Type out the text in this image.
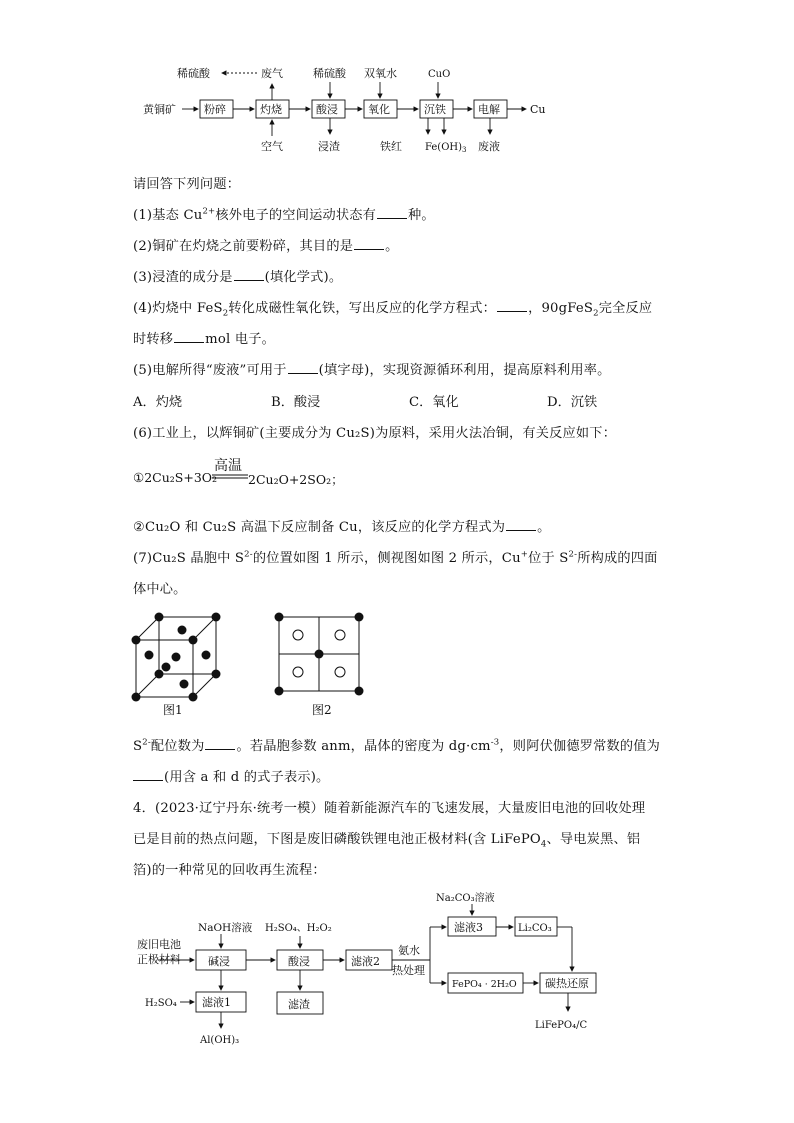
黄铜矿	粉碎	灼烧	酸浸	氧化	沉铁	电解	Cu
稀硫酸	废气	稀硫酸 双氧水	CuO
空气	浸渣	铁红 $Fe(OH)_3$ 废液
请回答下列问题：
(1)基态 $Cu^{2+}$核外电子的空间运动状态有 种。
(2)铜矿在灼烧之前要粉碎，其目的是 。
(3)浸渣的成分是 (填化学式)。
(4)灼烧中 FeS$_2$转化成磁性氧化铁，写出反应的化学方程式： ，90gFeS$_2$完全反应
时转移 mol 电子。
(5)电解所得“废液”可用于 (填字母)，实现资源循环利用，提高原料利用率。
A．灼烧	B．酸浸	C．氧化	D．沉铁
(6)工业上，以辉铜矿(主要成分为 Cu₂S)为原料，采用火法冶铜，有关反应如下：
①2Cu₂S+3O₂
高温
2Cu₂O+2SO₂；
②Cu₂O 和 Cu₂S 高温下反应制备 Cu，该反应的化学方程式为 。
(7)Cu₂S 晶胞中 $S^{2-}$的位置如图 1 所示，侧视图如图 2 所示，Cu+位于 $S^{2-}$所构成的四面
体中心。
图1	图2
$S^{2-}$配位数为 。若晶胞参数 anm，晶体的密度为 $dg\cdot cm^{-3}$，则阿伏伽德罗常数的值为
(用含 a 和 d 的式子表示)。
4．(2023·辽宁丹东·统考一模）随着新能源汽车的飞速发展，大量废旧电池的回收处理
已是目前的热点问题，下图是废旧磷酸铁锂电池正极材料(含 LiFePO$_4$、导电炭黑、铝
箔)的一种常见的回收再生流程：
废旧电池
正极材料
NaOH溶液 H₂SO₄、H₂O₂
Na₂CO₃溶液
氨水
热处理
碱浸	酸浸	滤液2
滤液3	Li₂CO₃
FePO₄ · 2H₂O	碳热还原
滤液1	滤渣
H₂SO₄
Al(OH)₃
LiFePO₄/C
